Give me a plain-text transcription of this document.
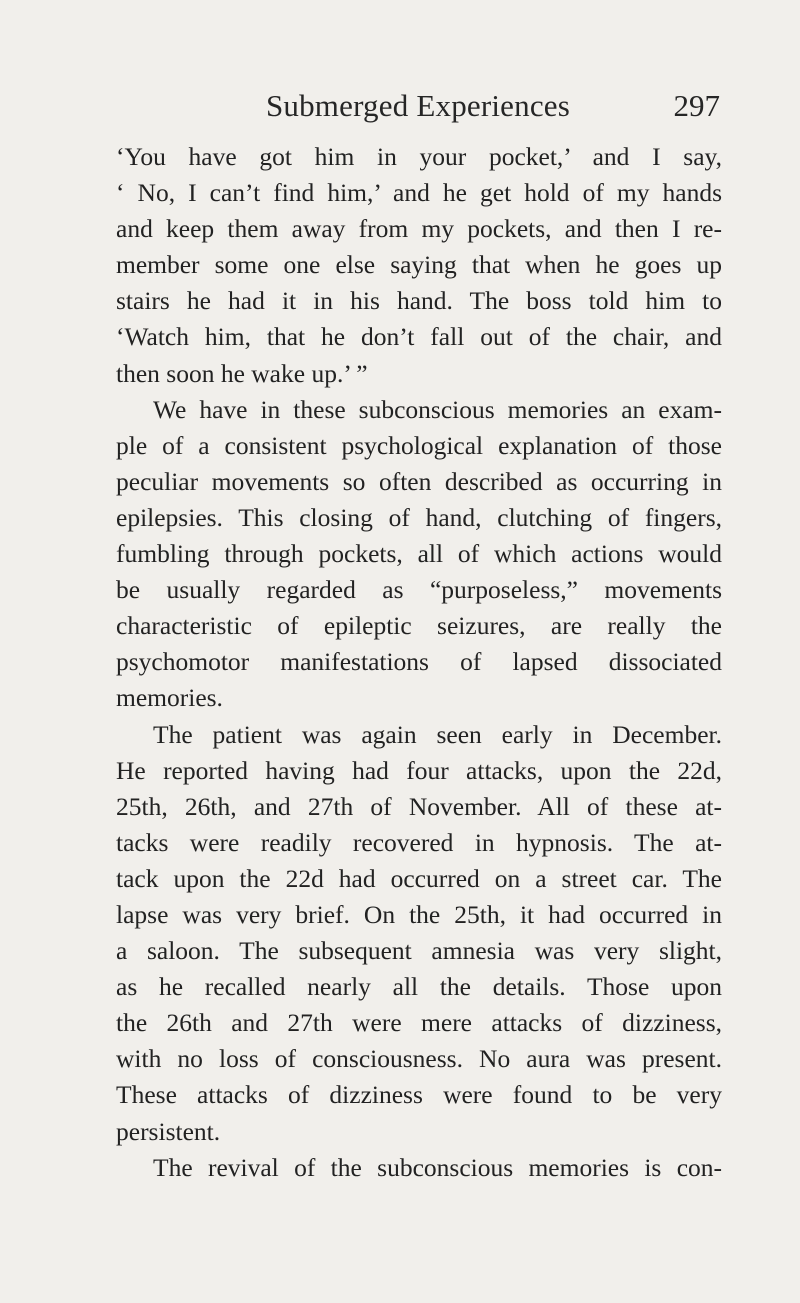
Submerged Experiences	297
‘You have got him in your pocket,’ and I say,
‘ No, I can’t find him,’ and he get hold of my hands
and keep them away from my pockets, and then I re-
member some one else saying that when he goes up
stairs he had it in his hand. The boss told him to
‘Watch him, that he don’t fall out of the chair, and
then soon he wake up.’ ”
We have in these subconscious memories an exam-
ple of a consistent psychological explanation of those
peculiar movements so often described as occurring in
epilepsies. This closing of hand, clutching of fingers,
fumbling through pockets, all of which actions would
be usually regarded as “purposeless,” movements
characteristic of epileptic seizures, are really the
psychomotor manifestations of lapsed dissociated
memories.
The patient was again seen early in December.
He reported having had four attacks, upon the 22d,
25th, 26th, and 27th of November. All of these at-
tacks were readily recovered in hypnosis. The at-
tack upon the 22d had occurred on a street car. The
lapse was very brief. On the 25th, it had occurred in
a saloon. The subsequent amnesia was very slight,
as he recalled nearly all the details. Those upon
the 26th and 27th were mere attacks of dizziness,
with no loss of consciousness. No aura was present.
These attacks of dizziness were found to be very
persistent.
The revival of the subconscious memories is con-
